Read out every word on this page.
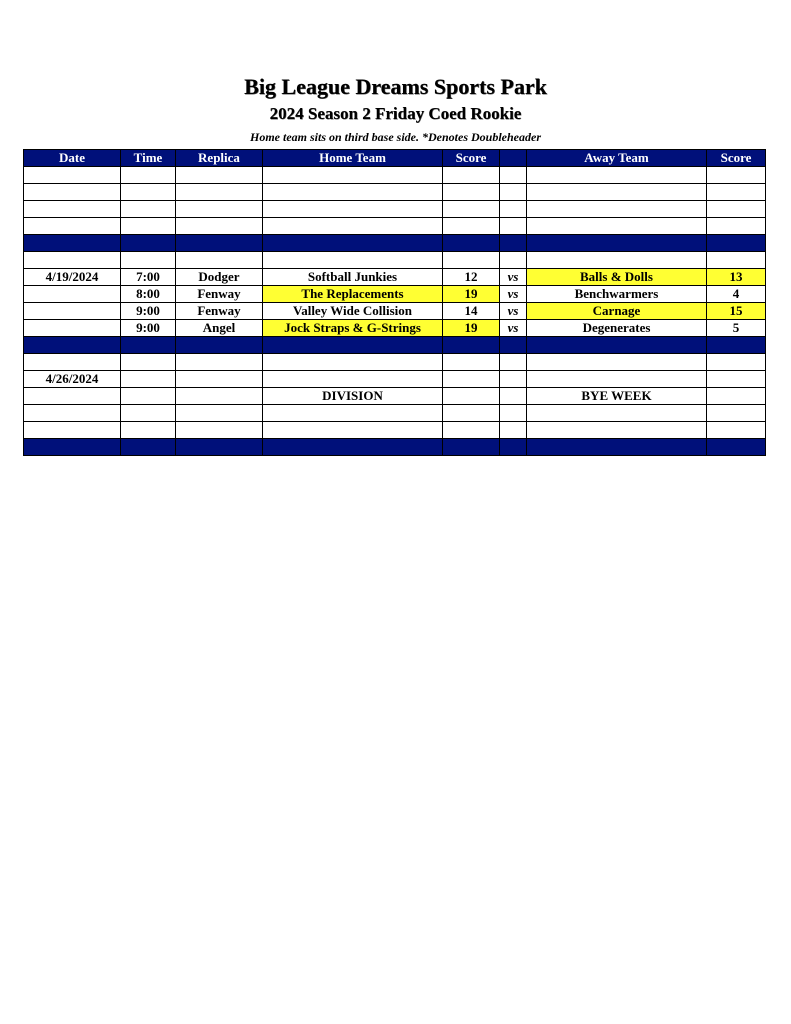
Big League Dreams Sports Park
2024 Season 2 Friday Coed Rookie
Home team sits on third base side. *Denotes Doubleheader
Date	Time	Replica	Home Team	Score		Away Team	Score

4/19/2024	7:00	Dodger	Softball Junkies	12	vs	Balls & Dolls	13
	8:00	Fenway	The Replacements	19	vs	Benchwarmers	4
	9:00	Fenway	Valley Wide Collision	14	vs	Carnage	15
	9:00	Angel	Jock Straps & G-Strings	19	vs	Degenerates	5

4/26/2024							
			DIVISION			BYE WEEK	
